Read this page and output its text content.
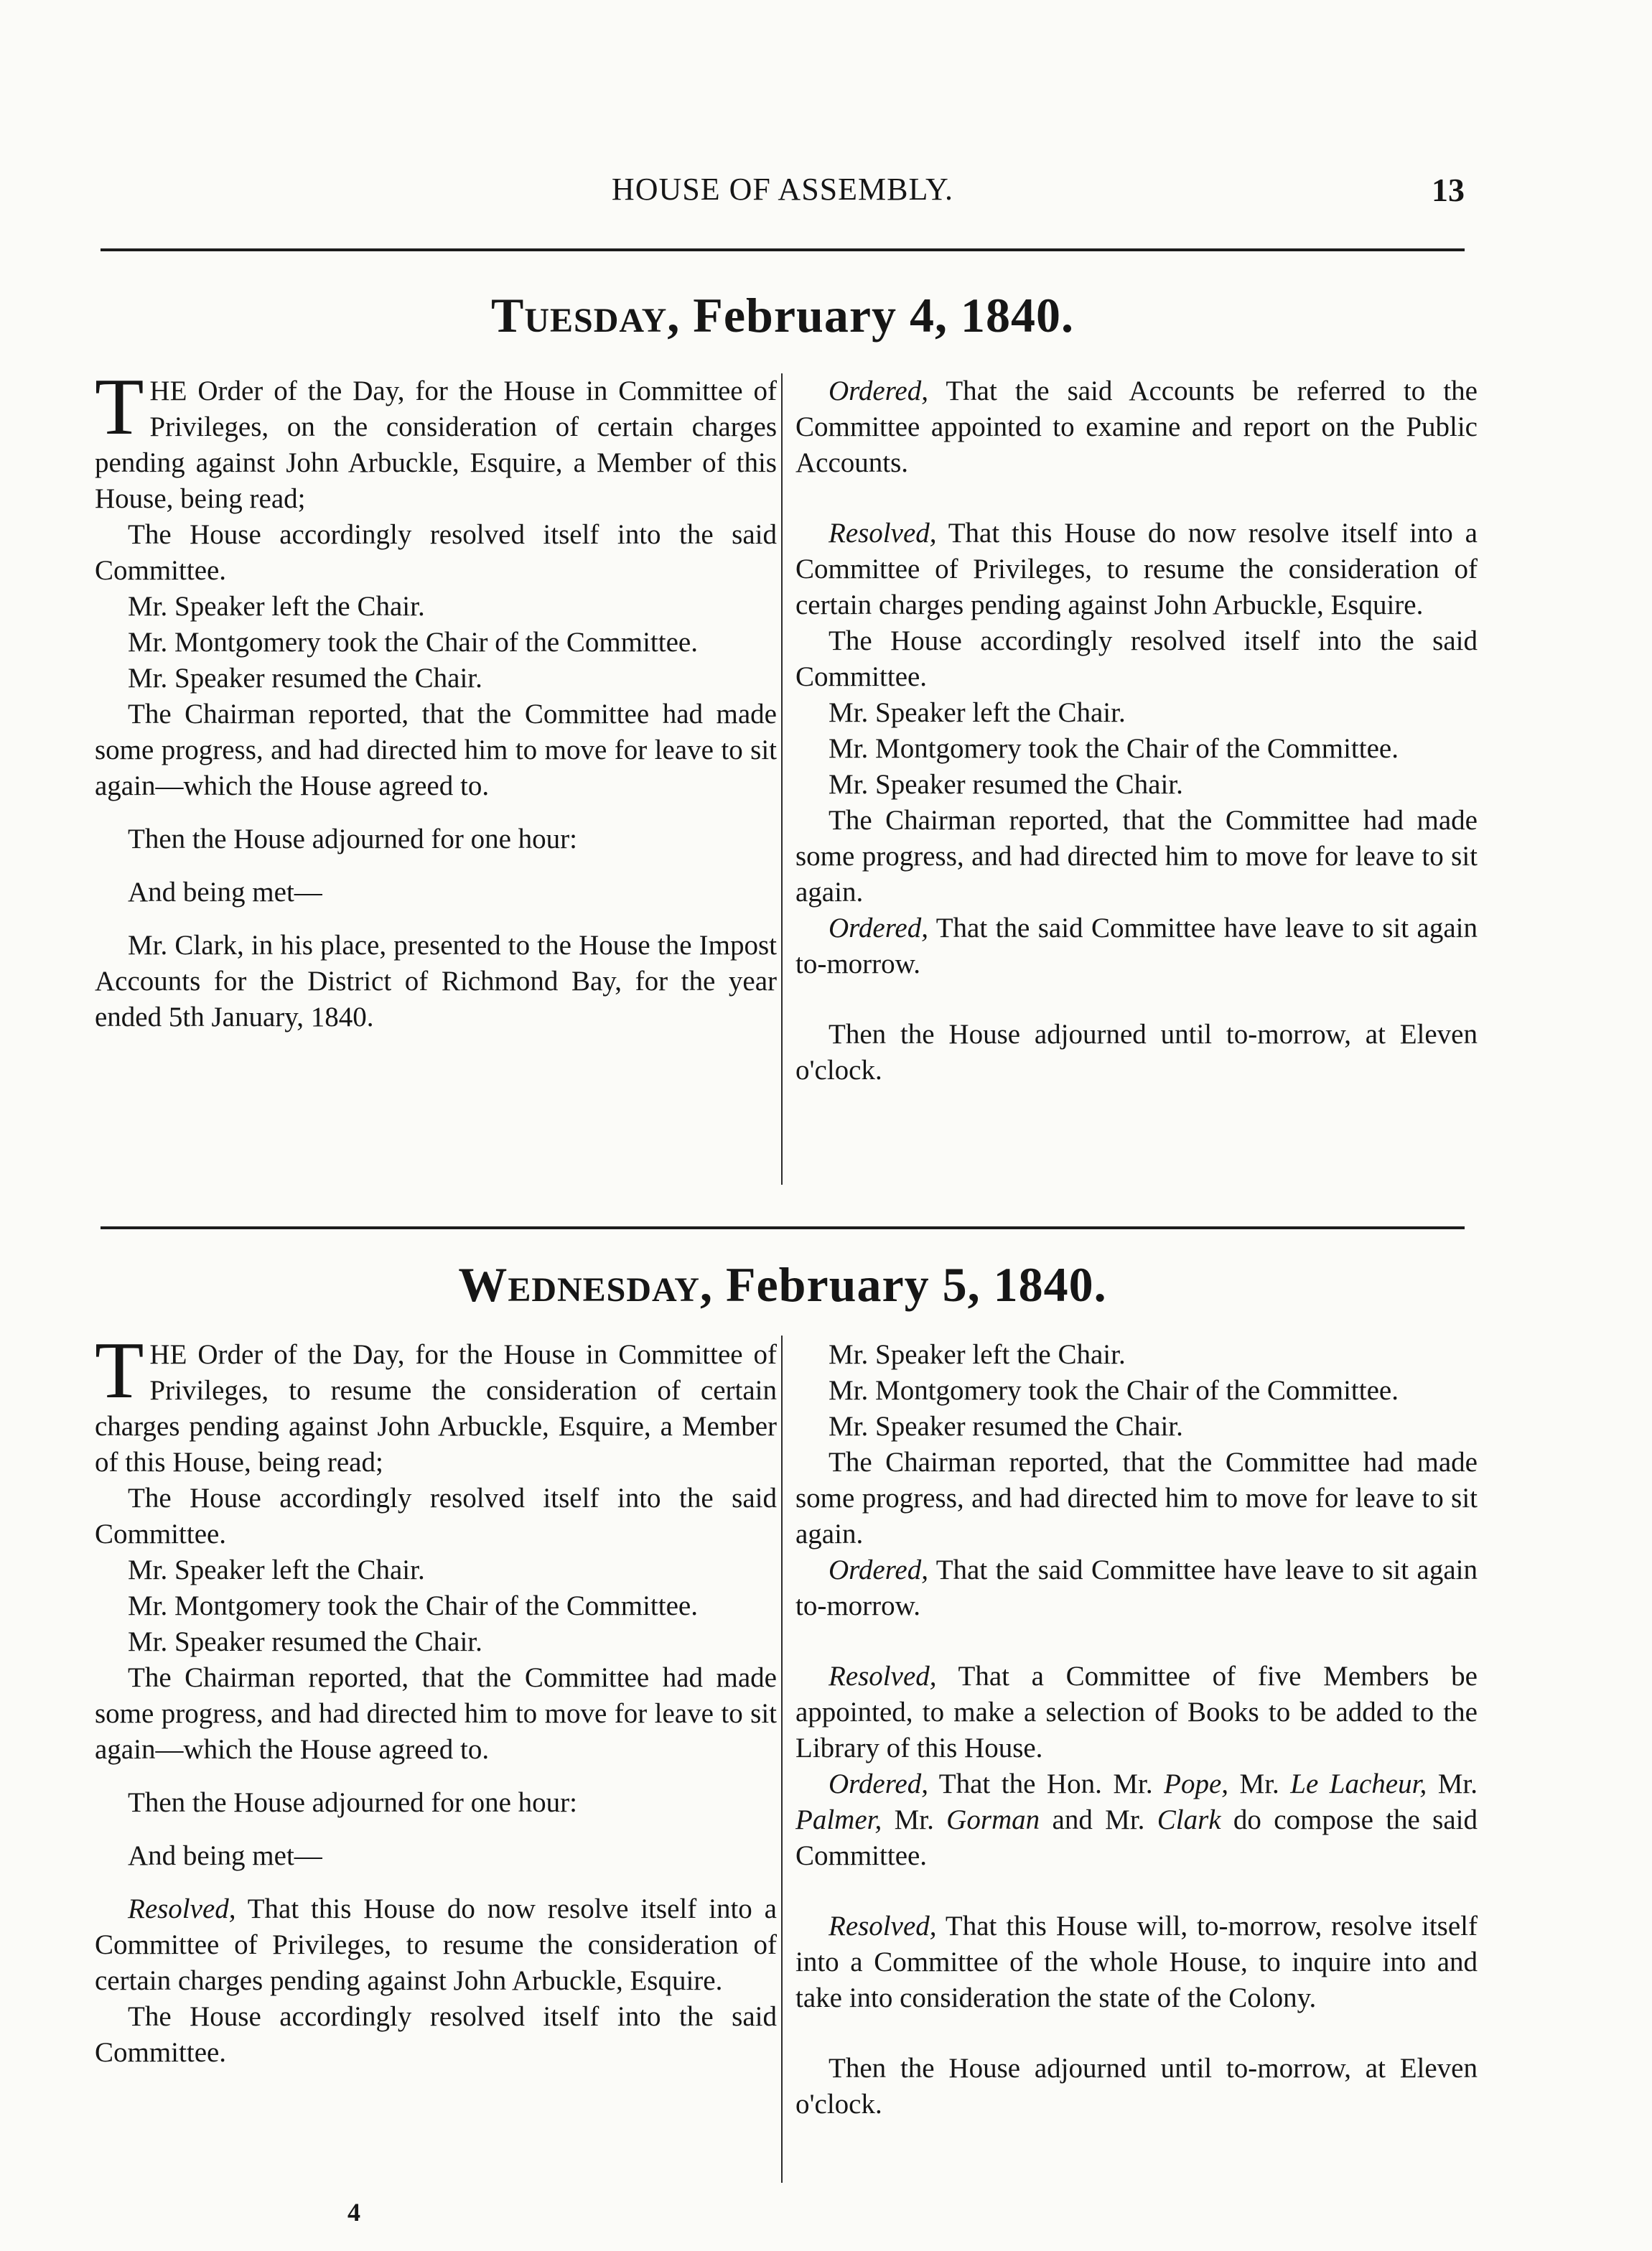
HOUSE OF ASSEMBLY.	13
Tuesday, February 4, 1840.

THE Order of the Day, for the House in Committee of Privileges, on the consideration of certain charges pending against John Arbuckle, Esquire, a Member of this House, being read;

The House accordingly resolved itself into the said Committee.

Mr. Speaker left the Chair.

Mr. Montgomery took the Chair of the Committee.

Mr. Speaker resumed the Chair.

The Chairman reported, that the Committee had made some progress, and had directed him to move for leave to sit again—which the House agreed to.

Then the House adjourned for one hour:

And being met—

Mr. Clark, in his place, presented to the House the Impost Accounts for the District of Richmond Bay, for the year ended 5th January, 1840.

Ordered, That the said Accounts be referred to the Committee appointed to examine and report on the Public Accounts.

Resolved, That this House do now resolve itself into a Committee of Privileges, to resume the consideration of certain charges pending against John Arbuckle, Esquire.

The House accordingly resolved itself into the said Committee.

Mr. Speaker left the Chair.

Mr. Montgomery took the Chair of the Committee.

Mr. Speaker resumed the Chair.

The Chairman reported, that the Committee had made some progress, and had directed him to move for leave to sit again.

Ordered, That the said Committee have leave to sit again to-morrow.

Then the House adjourned until to-morrow, at Eleven o'clock.

Wednesday, February 5, 1840.

THE Order of the Day, for the House in Committee of Privileges, to resume the consideration of certain charges pending against John Arbuckle, Esquire, a Member of this House, being read;

The House accordingly resolved itself into the said Committee.

Mr. Speaker left the Chair.

Mr. Montgomery took the Chair of the Committee.

Mr. Speaker resumed the Chair.

The Chairman reported, that the Committee had made some progress, and had directed him to move for leave to sit again—which the House agreed to.

Then the House adjourned for one hour:

And being met—

Resolved, That this House do now resolve itself into a Committee of Privileges, to resume the consideration of certain charges pending against John Arbuckle, Esquire.

The House accordingly resolved itself into the said Committee.

Mr. Speaker left the Chair.

Mr. Montgomery took the Chair of the Committee.

Mr. Speaker resumed the Chair.

The Chairman reported, that the Committee had made some progress, and had directed him to move for leave to sit again.

Ordered, That the said Committee have leave to sit again to-morrow.

Resolved, That a Committee of five Members be appointed, to make a selection of Books to be added to the Library of this House.

Ordered, That the Hon. Mr. Pope, Mr. Le Lacheur, Mr. Palmer, Mr. Gorman and Mr. Clark do compose the said Committee.

Resolved, That this House will, to-morrow, resolve itself into a Committee of the whole House, to inquire into and take into consideration the state of the Colony.

Then the House adjourned until to-morrow, at Eleven o'clock.

4
